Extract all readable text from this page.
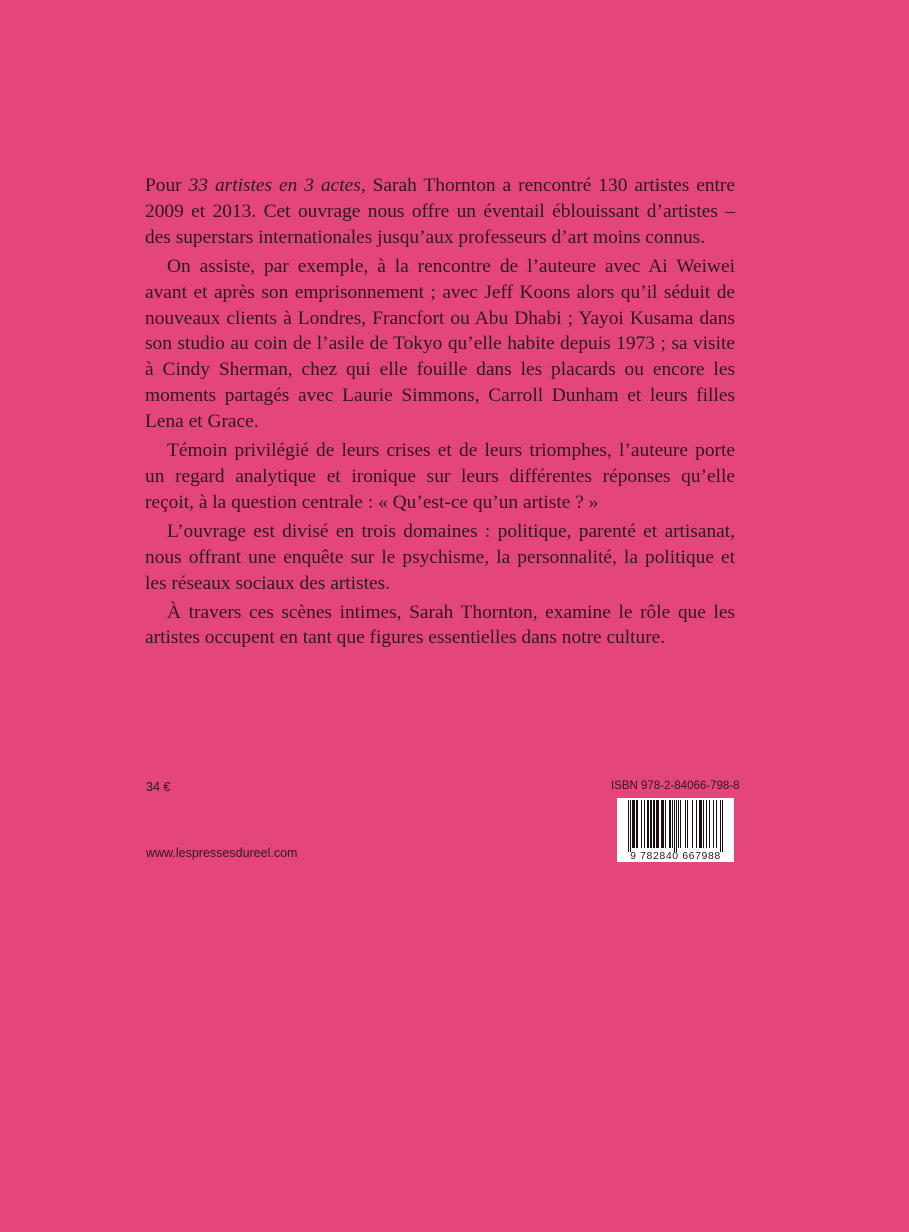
Pour 33 artistes en 3 actes, Sarah Thornton a rencontré 130 artistes entre 2009 et 2013. Cet ouvrage nous offre un éventail éblouissant d’artistes – des superstars internationales jusqu’aux professeurs d’art moins connus.

On assiste, par exemple, à la rencontre de l’auteure avec Ai Weiwei avant et après son emprisonnement ; avec Jeff Koons alors qu’il séduit de nouveaux clients à Londres, Francfort ou Abu Dhabi ; Yayoi Kusama dans son studio au coin de l’asile de Tokyo qu’elle habite depuis 1973 ; sa visite à Cindy Sherman, chez qui elle fouille dans les placards ou encore les moments partagés avec Laurie Simmons, Carroll Dunham et leurs filles Lena et Grace.

Témoin privilégié de leurs crises et de leurs triomphes, l’auteure porte un regard analytique et ironique sur leurs différentes réponses qu’elle reçoit, à la question centrale : « Qu’est-ce qu’un artiste ? »

L’ouvrage est divisé en trois domaines : politique, parenté et artisanat, nous offrant une enquête sur le psychisme, la personnalité, la politique et les réseaux sociaux des artistes.

À travers ces scènes intimes, Sarah Thornton, examine le rôle que les artistes occupent en tant que figures essentielles dans notre culture.

34 €
www.lespressesdureel.com
ISBN 978-2-84066-798-8
9 782840 667988
